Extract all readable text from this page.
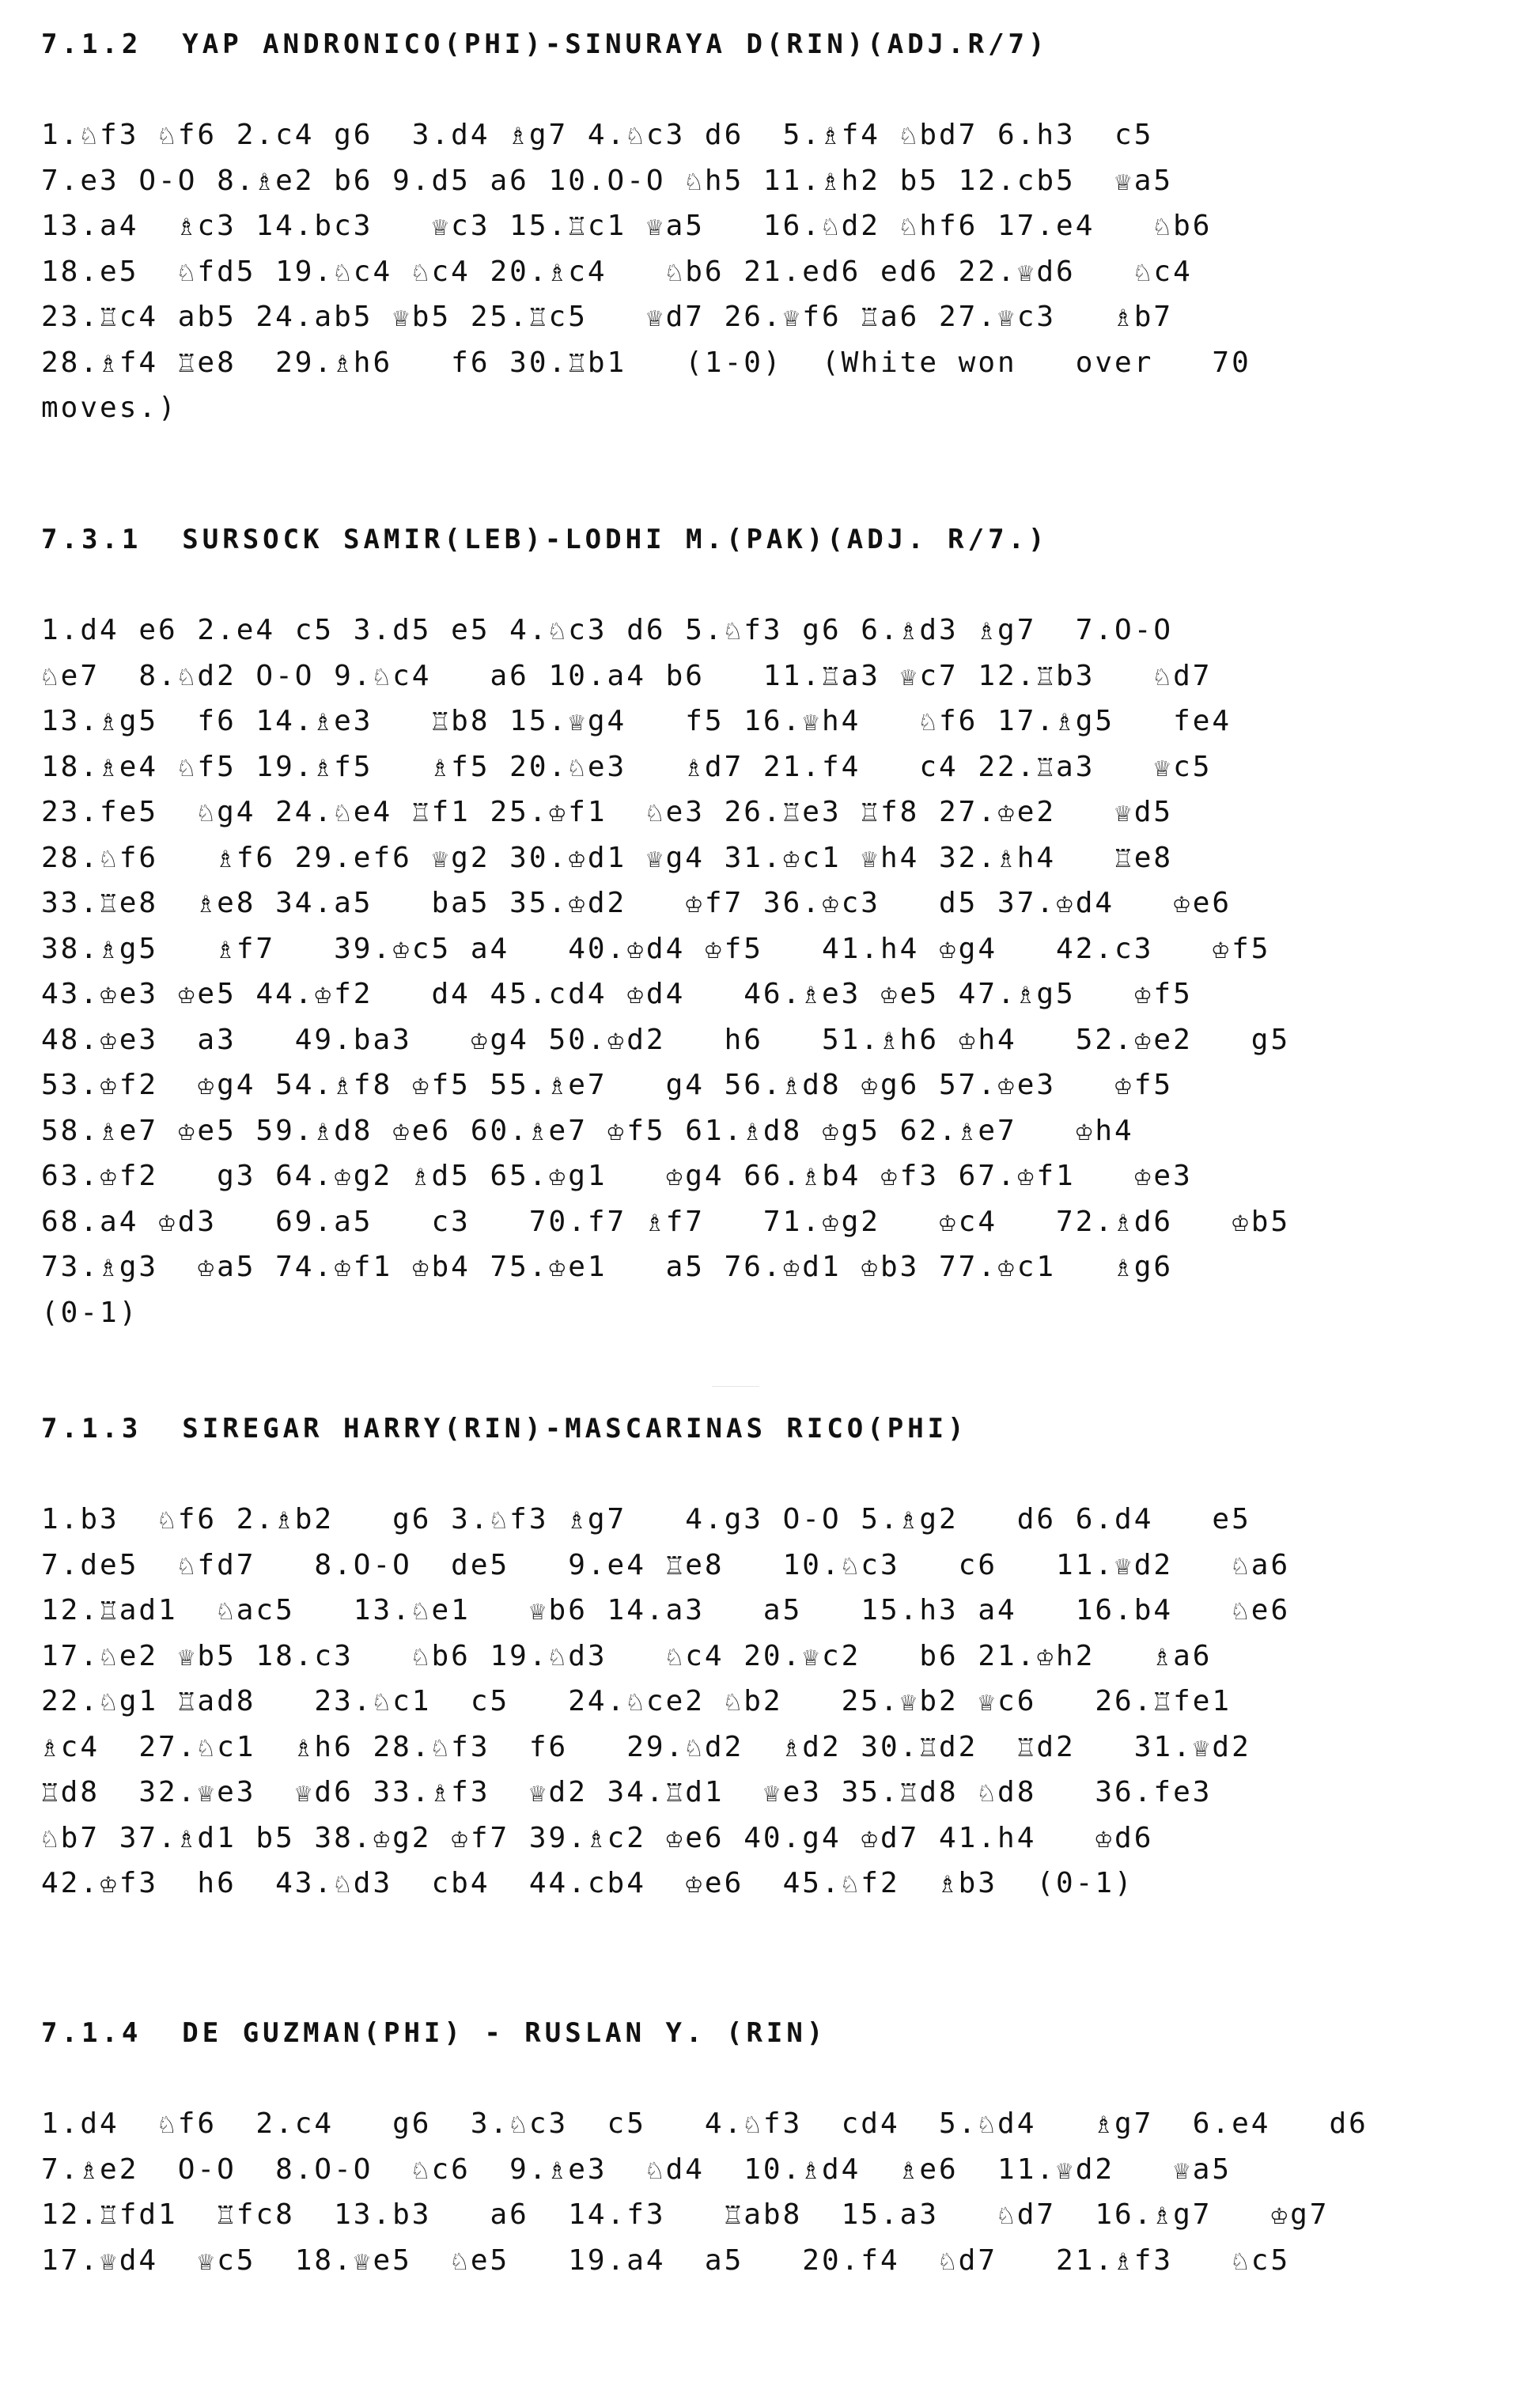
7.1.2  YAP ANDRONICO(PHI)-SINURAYA D(RIN)(ADJ.R/7)
1.♘f3 ♘f6 2.c4 g6  3.d4 ♗g7 4.♘c3 d6  5.♗f4 ♘bd7 6.h3  c5
7.e3 O-O 8.♗e2 b6 9.d5 a6 10.O-O ♘h5 11.♗h2 b5 12.cb5  ♕a5
13.a4  ♗c3 14.bc3   ♕c3 15.♖c1 ♕a5   16.♘d2 ♘hf6 17.e4   ♘b6
18.e5  ♘fd5 19.♘c4 ♘c4 20.♗c4   ♘b6 21.ed6 ed6 22.♕d6   ♘c4
23.♖c4 ab5 24.ab5 ♕b5 25.♖c5   ♕d7 26.♕f6 ♖a6 27.♕c3   ♗b7
28.♗f4 ♖e8  29.♗h6   f6 30.♖b1   (1-0)  (White won   over   70
moves.)
7.3.1  SURSOCK SAMIR(LEB)-LODHI M.(PAK)(ADJ. R/7.)
1.d4 e6 2.e4 c5 3.d5 e5 4.♘c3 d6 5.♘f3 g6 6.♗d3 ♗g7  7.O-O
♘e7  8.♘d2 O-O 9.♘c4   a6 10.a4 b6   11.♖a3 ♕c7 12.♖b3   ♘d7
13.♗g5  f6 14.♗e3   ♖b8 15.♕g4   f5 16.♕h4   ♘f6 17.♗g5   fe4
18.♗e4 ♘f5 19.♗f5   ♗f5 20.♘e3   ♗d7 21.f4   c4 22.♖a3   ♕c5
23.fe5  ♘g4 24.♘e4 ♖f1 25.♔f1  ♘e3 26.♖e3 ♖f8 27.♔e2   ♕d5
28.♘f6   ♗f6 29.ef6 ♕g2 30.♔d1 ♕g4 31.♔c1 ♕h4 32.♗h4   ♖e8
33.♖e8  ♗e8 34.a5   ba5 35.♔d2   ♔f7 36.♔c3   d5 37.♔d4   ♔e6
38.♗g5   ♗f7   39.♔c5 a4   40.♔d4 ♔f5   41.h4 ♔g4   42.c3   ♔f5
43.♔e3 ♔e5 44.♔f2   d4 45.cd4 ♔d4   46.♗e3 ♔e5 47.♗g5   ♔f5
48.♔e3  a3   49.ba3   ♔g4 50.♔d2   h6   51.♗h6 ♔h4   52.♔e2   g5
53.♔f2  ♔g4 54.♗f8 ♔f5 55.♗e7   g4 56.♗d8 ♔g6 57.♔e3   ♔f5
58.♗e7 ♔e5 59.♗d8 ♔e6 60.♗e7 ♔f5 61.♗d8 ♔g5 62.♗e7   ♔h4
63.♔f2   g3 64.♔g2 ♗d5 65.♔g1   ♔g4 66.♗b4 ♔f3 67.♔f1   ♔e3
68.a4 ♔d3   69.a5   c3   70.f7 ♗f7   71.♔g2   ♔c4   72.♗d6   ♔b5
73.♗g3  ♔a5 74.♔f1 ♔b4 75.♔e1   a5 76.♔d1 ♔b3 77.♔c1   ♗g6
(0-1)
7.1.3  SIREGAR HARRY(RIN)-MASCARINAS RICO(PHI)
1.b3  ♘f6 2.♗b2   g6 3.♘f3 ♗g7   4.g3 O-O 5.♗g2   d6 6.d4   e5
7.de5  ♘fd7   8.O-O  de5   9.e4 ♖e8   10.♘c3   c6   11.♕d2   ♘a6
12.♖ad1  ♘ac5   13.♘e1   ♕b6 14.a3   a5   15.h3 a4   16.b4   ♘e6
17.♘e2 ♕b5 18.c3   ♘b6 19.♘d3   ♘c4 20.♕c2   b6 21.♔h2   ♗a6
22.♘g1 ♖ad8   23.♘c1  c5   24.♘ce2 ♘b2   25.♕b2 ♕c6   26.♖fe1
♗c4  27.♘c1  ♗h6 28.♘f3  f6   29.♘d2  ♗d2 30.♖d2  ♖d2   31.♕d2
♖d8  32.♕e3  ♕d6 33.♗f3  ♕d2 34.♖d1  ♕e3 35.♖d8 ♘d8   36.fe3
♘b7 37.♗d1 b5 38.♔g2 ♔f7 39.♗c2 ♔e6 40.g4 ♔d7 41.h4   ♔d6
42.♔f3  h6  43.♘d3  cb4  44.cb4  ♔e6  45.♘f2  ♗b3  (0-1)
7.1.4  DE GUZMAN(PHI) - RUSLAN Y. (RIN)
1.d4  ♘f6  2.c4   g6  3.♘c3  c5   4.♘f3  cd4  5.♘d4   ♗g7  6.e4   d6
7.♗e2  O-O  8.O-O  ♘c6  9.♗e3  ♘d4  10.♗d4  ♗e6  11.♕d2   ♕a5
12.♖fd1  ♖fc8  13.b3   a6  14.f3   ♖ab8  15.a3   ♘d7  16.♗g7   ♔g7
17.♕d4  ♕c5  18.♕e5  ♘e5   19.a4  a5   20.f4  ♘d7   21.♗f3   ♘c5
